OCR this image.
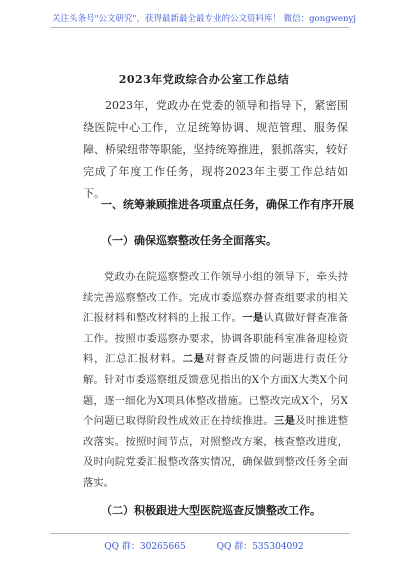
关注头条号"公文研究"，获得最新最全最专业的公文资料库！ 微信：gongwenyj
2023年党政综合办公室工作总结

2023年，党政办在党委的领导和指导下，紧密围绕医院中心工作，立足统筹协调、规范管理、服务保障、桥梁纽带等职能，坚持统筹推进，狠抓落实，较好完成了年度工作任务，现将2023年主要工作总结如下。

一、统筹兼顾推进各项重点任务，确保工作有序开展
（一）确保巡察整改任务全面落实。

党政办在院巡察整改工作领导小组的领导下，牵头持续完善巡察整改工作。完成市委巡察办督查组要求的相关汇报材料和整改材料的上报工作。一是认真做好督查准备工作。按照市委巡察办要求，协调各职能科室准备迎检资料，汇总汇报材料。二是对督查反馈的问题进行责任分解。针对市委巡察组反馈意见指出的X个方面X大类X个问题，逐一细化为X项具体整改措施。已整改完成X个，另X个问题已取得阶段性成效正在持续推进。三是及时推进整改落实。按照时间节点，对照整改方案，核查整改进度，及时向院党委汇报整改落实情况，确保做到整改任务全面落实。

（二）积极跟进大型医院巡查反馈整改工作。
QQ 群：30265665	QQ 群：535304092
